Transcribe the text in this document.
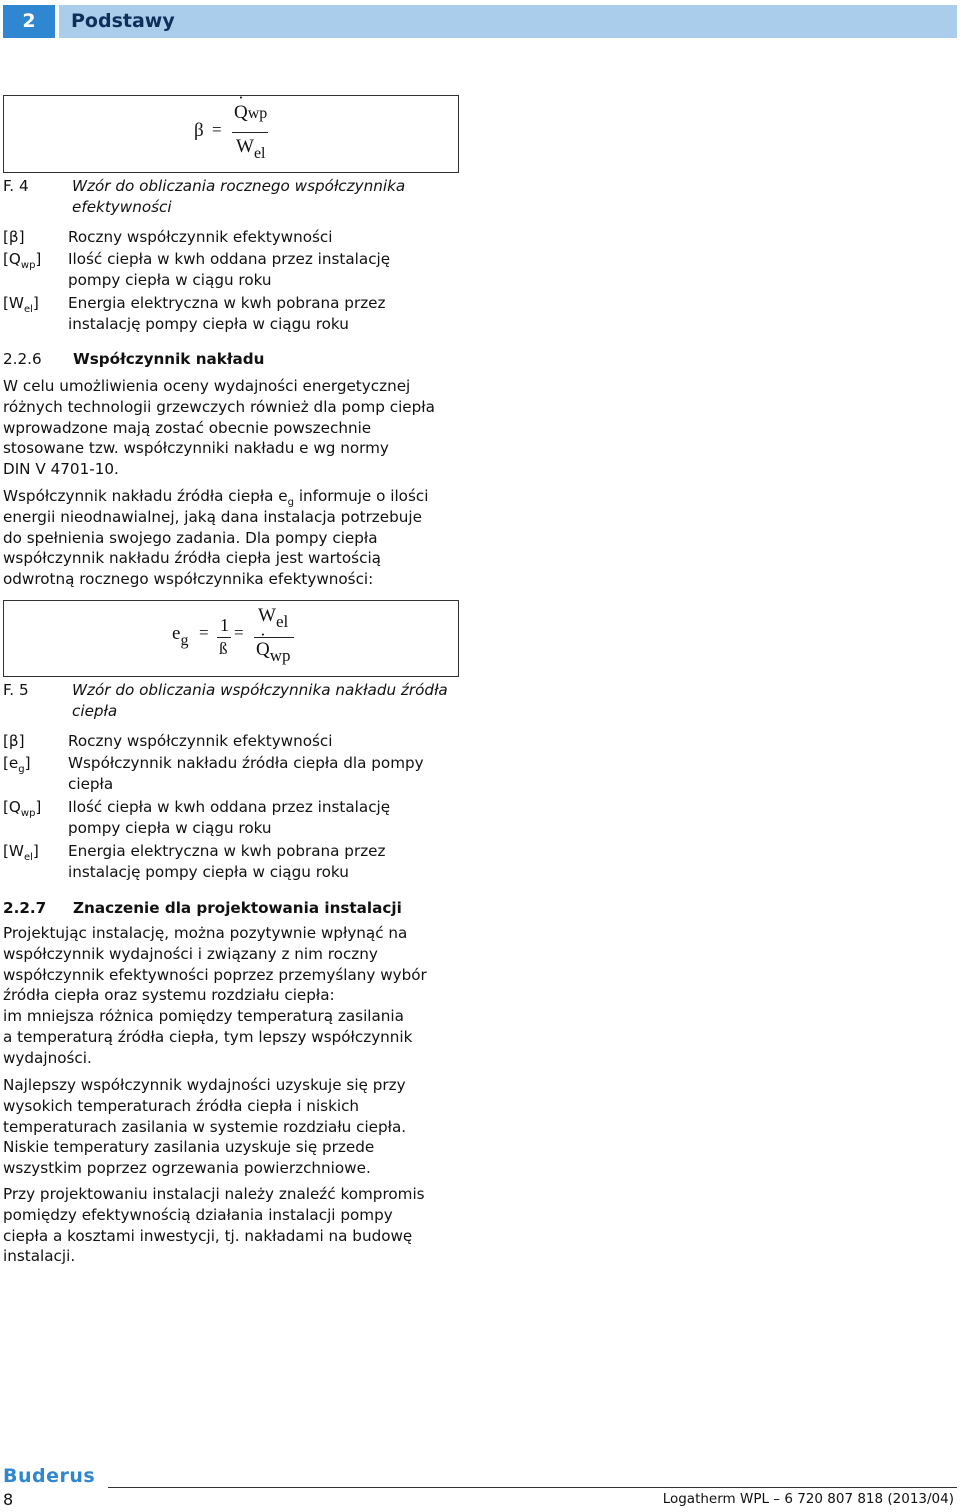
2	Podstawy
β =
˙ Qwp
$W_{el}$
F. 4	Wzór do obliczania rocznego współczynnika
efektywności
[β]	Roczny współczynnik efektywności
$[Q_{wp}]$ Ilość ciepła w kwh oddana przez instalację
pompy ciepła w ciągu roku
$[W_{el}]$ Energia elektryczna w kwh pobrana przez
instalację pompy ciepła w ciągu roku
2.2.6 Współczynnik nakładu
W celu umożliwienia oceny wydajności energetycznej
różnych technologii grzewczych również dla pomp ciepła
wprowadzone mają zostać obecnie powszechnie
stosowane tzw. współczynniki nakładu e wg normy
DIN V 4701-10.
Współczynnik nakładu źródła ciepła $e_g$ informuje o ilości
energii nieodnawialnej, jaką dana instalacja potrzebuje
do spełnienia swojego zadania. Dla pompy ciepła
współczynnik nakładu źródła ciepła jest wartością
odwrotną rocznego współczynnika efektywności:
$e_g = 1$
ß
=
Wel
˙ Qwp
F. 5	Wzór do obliczania współczynnika nakładu źródła
ciepła
[β]	Roczny współczynnik efektywności
$[e_g]$ Współczynnik nakładu źródła ciepła dla pompy
ciepła
$[Q_{wp}]$ Ilość ciepła w kwh oddana przez instalację
pompy ciepła w ciągu roku
$[W_{el}]$ Energia elektryczna w kwh pobrana przez
instalację pompy ciepła w ciągu roku
2.2.7 Znaczenie dla projektowania instalacji
Projektując instalację, można pozytywnie wpłynąć na
współczynnik wydajności i związany z nim roczny
współczynnik efektywności poprzez przemyślany wybór
źródła ciepła oraz systemu rozdziału ciepła:
im mniejsza różnica pomiędzy temperaturą zasilania
a temperaturą źródła ciepła, tym lepszy współczynnik
wydajności.
Najlepszy współczynnik wydajności uzyskuje się przy
wysokich temperaturach źródła ciepła i niskich
temperaturach zasilania w systemie rozdziału ciepła.
Niskie temperatury zasilania uzyskuje się przede
wszystkim poprzez ogrzewania powierzchniowe.
Przy projektowaniu instalacji należy znaleźć kompromis
pomiędzy efektywnością działania instalacji pompy
ciepła a kosztami inwestycji, tj. nakładami na budowę
instalacji.
Buderus
8	Logatherm WPL – 6 720 807 818 (2013/04)
